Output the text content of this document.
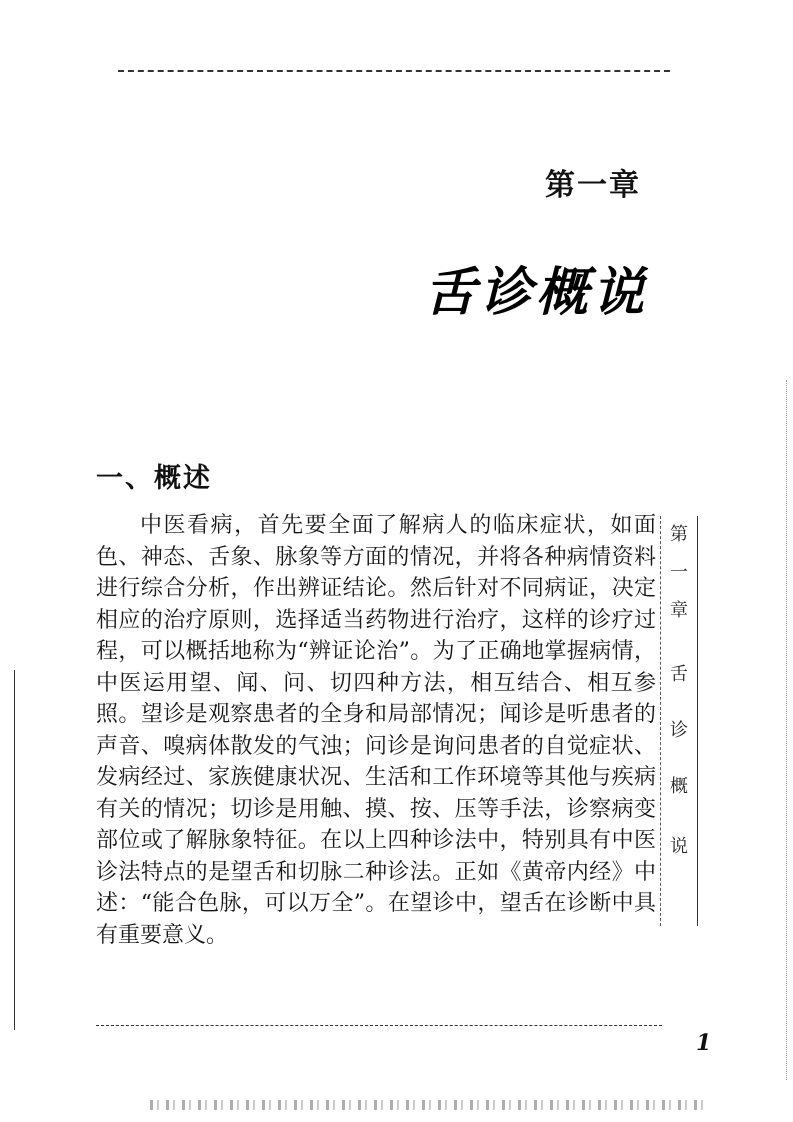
第一章
舌诊概说
一、概述

中医看病，首先要全面了解病人的临床症状，如面色、神态、舌象、脉象等方面的情况，并将各种病情资料进行综合分析，作出辨证结论。然后针对不同病证，决定相应的治疗原则，选择适当药物进行治疗，这样的诊疗过程，可以概括地称为“辨证论治”。为了正确地掌握病情，中医运用望、闻、问、切四种方法，相互结合、相互参照。望诊是观察患者的全身和局部情况；闻诊是听患者的声音、嗅病体散发的气浊；问诊是询问患者的自觉症状、发病经过、家族健康状况、生活和工作环境等其他与疾病有关的情况；切诊是用触、摸、按、压等手法，诊察病变部位或了解脉象特征。在以上四种诊法中，特别具有中医诊法特点的是望舌和切脉二种诊法。正如《黄帝内经》中述：“能合色脉，可以万全”。在望诊中，望舌在诊断中具有重要意义。

第
一
章
舌
诊
概
说
1
